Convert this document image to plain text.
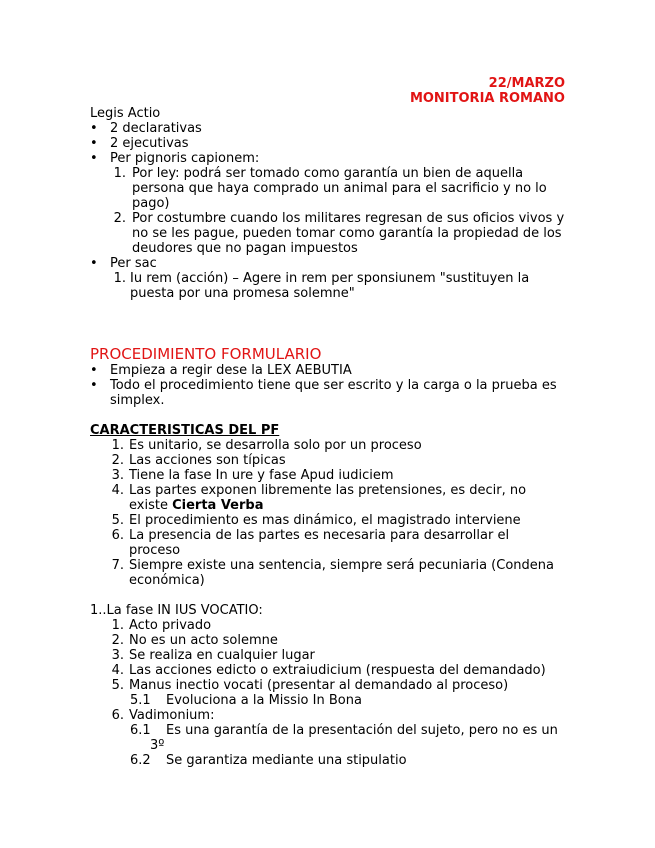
22/MARZO
MONITORIA ROMANO
Legis Actio
• 2 declarativas
• 2 ejecutivas
• Per pignoris capionem:
1. Por ley: podrá ser tomado como garantía un bien de aquella persona que haya comprado un animal para el sacrificio y no lo pago)
2. Por costumbre cuando los militares regresan de sus oficios vivos y no se les pague, pueden tomar como garantía la propiedad de los deudores que no pagan impuestos
• Per sac
1. Iu rem (acción) – Agere in rem per sponsiunem "sustituyen la puesta por una promesa solemne"
PROCEDIMIENTO FORMULARIO
• Empieza a regir dese la LEX AEBUTIA
• Todo el procedimiento tiene que ser escrito y la carga o la prueba es simplex.
CARACTERISTICAS DEL PF
1. Es unitario, se desarrolla solo por un proceso
2. Las acciones son típicas
3. Tiene la fase In ure y fase Apud iudiciem
4. Las partes exponen libremente las pretensiones, es decir, no existe Cierta Verba
5. El procedimiento es mas dinámico, el magistrado interviene
6. La presencia de las partes es necesaria para desarrollar el proceso
7. Siempre existe una sentencia, siempre será pecuniaria (Condena económica)
1..La fase IN IUS VOCATIO:
1. Acto privado
2. No es un acto solemne
3. Se realiza en cualquier lugar
4. Las acciones edicto o extraiudicium (respuesta del demandado)
5. Manus inectio vocati (presentar al demandado al proceso)
5.1 Evoluciona a la Missio In Bona
6. Vadimonium:
6.1	Es una garantía de la presentación del sujeto, pero no es un 3º
6.2 Se garantiza mediante una stipulatio
